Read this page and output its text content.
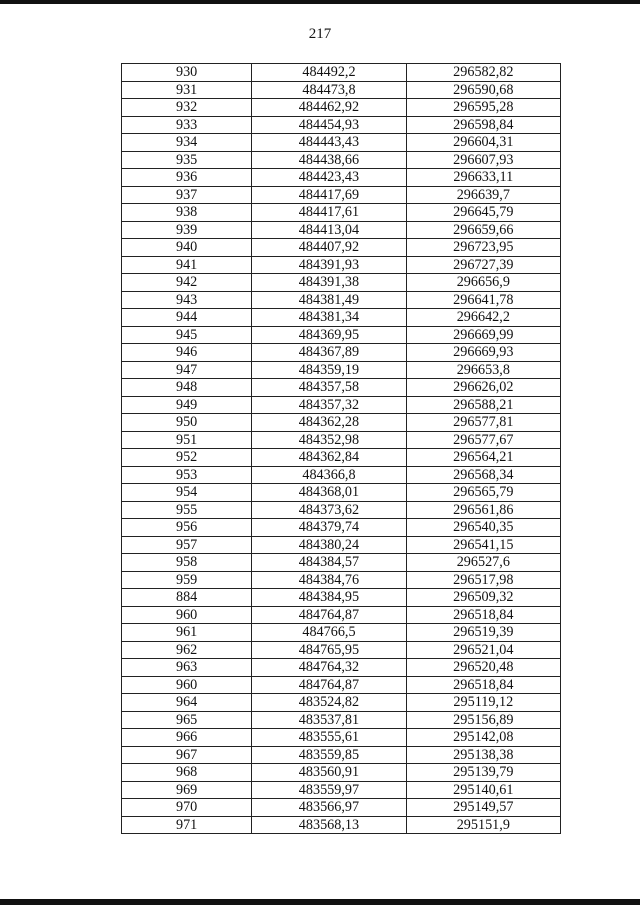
217
930	484492,2	296582,82
931	484473,8	296590,68
932	484462,92	296595,28
933	484454,93	296598,84
934	484443,43	296604,31
935	484438,66	296607,93
936	484423,43	296633,11
937	484417,69	296639,7
938	484417,61	296645,79
939	484413,04	296659,66
940	484407,92	296723,95
941	484391,93	296727,39
942	484391,38	296656,9
943	484381,49	296641,78
944	484381,34	296642,2
945	484369,95	296669,99
946	484367,89	296669,93
947	484359,19	296653,8
948	484357,58	296626,02
949	484357,32	296588,21
950	484362,28	296577,81
951	484352,98	296577,67
952	484362,84	296564,21
953	484366,8	296568,34
954	484368,01	296565,79
955	484373,62	296561,86
956	484379,74	296540,35
957	484380,24	296541,15
958	484384,57	296527,6
959	484384,76	296517,98
884	484384,95	296509,32
960	484764,87	296518,84
961	484766,5	296519,39
962	484765,95	296521,04
963	484764,32	296520,48
960	484764,87	296518,84
964	483524,82	295119,12
965	483537,81	295156,89
966	483555,61	295142,08
967	483559,85	295138,38
968	483560,91	295139,79
969	483559,97	295140,61
970	483566,97	295149,57
971	483568,13	295151,9
